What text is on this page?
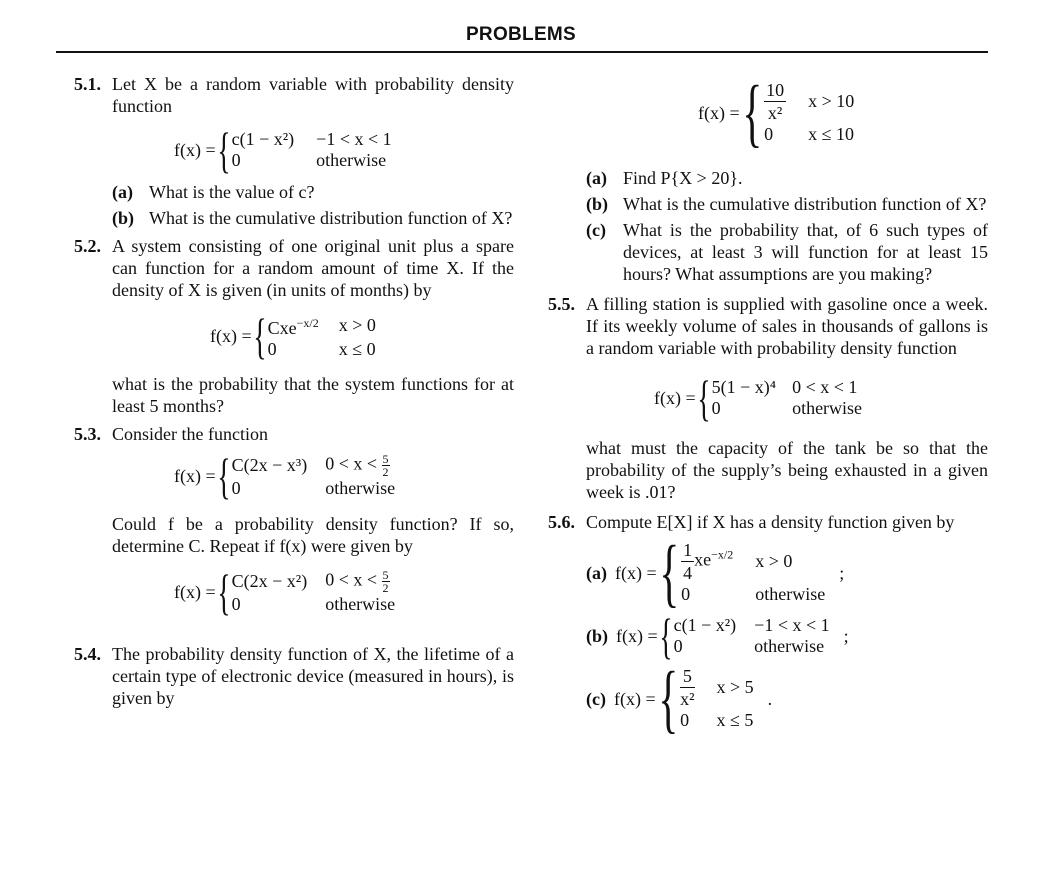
PROBLEMS
5.1. Let X be a random variable with probability density function
f(x) = { c(1 − x²)	−1 < x < 1
0	otherwise
(a) What is the value of c?
(b) What is the cumulative distribution function of X?
5.2. A system consisting of one original unit plus a spare can function for a random amount of time X. If the density of X is given (in units of months) by
f(x) = { Cxe$^{-x/2}$	x > 0
0	x ≤ 0
what is the probability that the system functions for at least 5 months?
5.3. Consider the function
f(x) = { C(2x − x³)	$0 < x < \frac{5}{2}$

0	otherwise
Could f be a probability density function? If so, determine C. Repeat if f(x) were given by
f(x) = { C(2x − x²)	$0 < x < \frac{5}{2}$

0	otherwise
5.4. The probability density function of X, the lifetime of a certain type of electronic device (measured in hours), is given by
f(x) = { $\frac{10}{\text{x²}}$	x > 10
0	x ≤ 10
(a) Find P{X > 20}.
(b) What is the cumulative distribution function of X?
(c) What is the probability that, of 6 such types of devices, at least 3 will function for at least 15 hours? What assumptions are you making?
5.5. A filling station is supplied with gasoline once a week. If its weekly volume of sales in thousands of gallons is a random variable with probability density function
f(x) = { 5(1 − x)⁴	0 < x < 1
0	otherwise
what must the capacity of the tank be so that the probability of the supply’s being exhausted in a given week is .01?
5.6. Compute E[X] if X has a density function given by
(a) f(x) = { $\frac{1}{4} xe^{-x/2}$	x > 0
0	otherwise
;
(b) f(x) = { c(1 − x²)	−1 < x < 1
0	otherwise ;
(c) f(x) = { $\frac{5}{\text{x²}}$	x > 5
0	x ≤ 5
.
